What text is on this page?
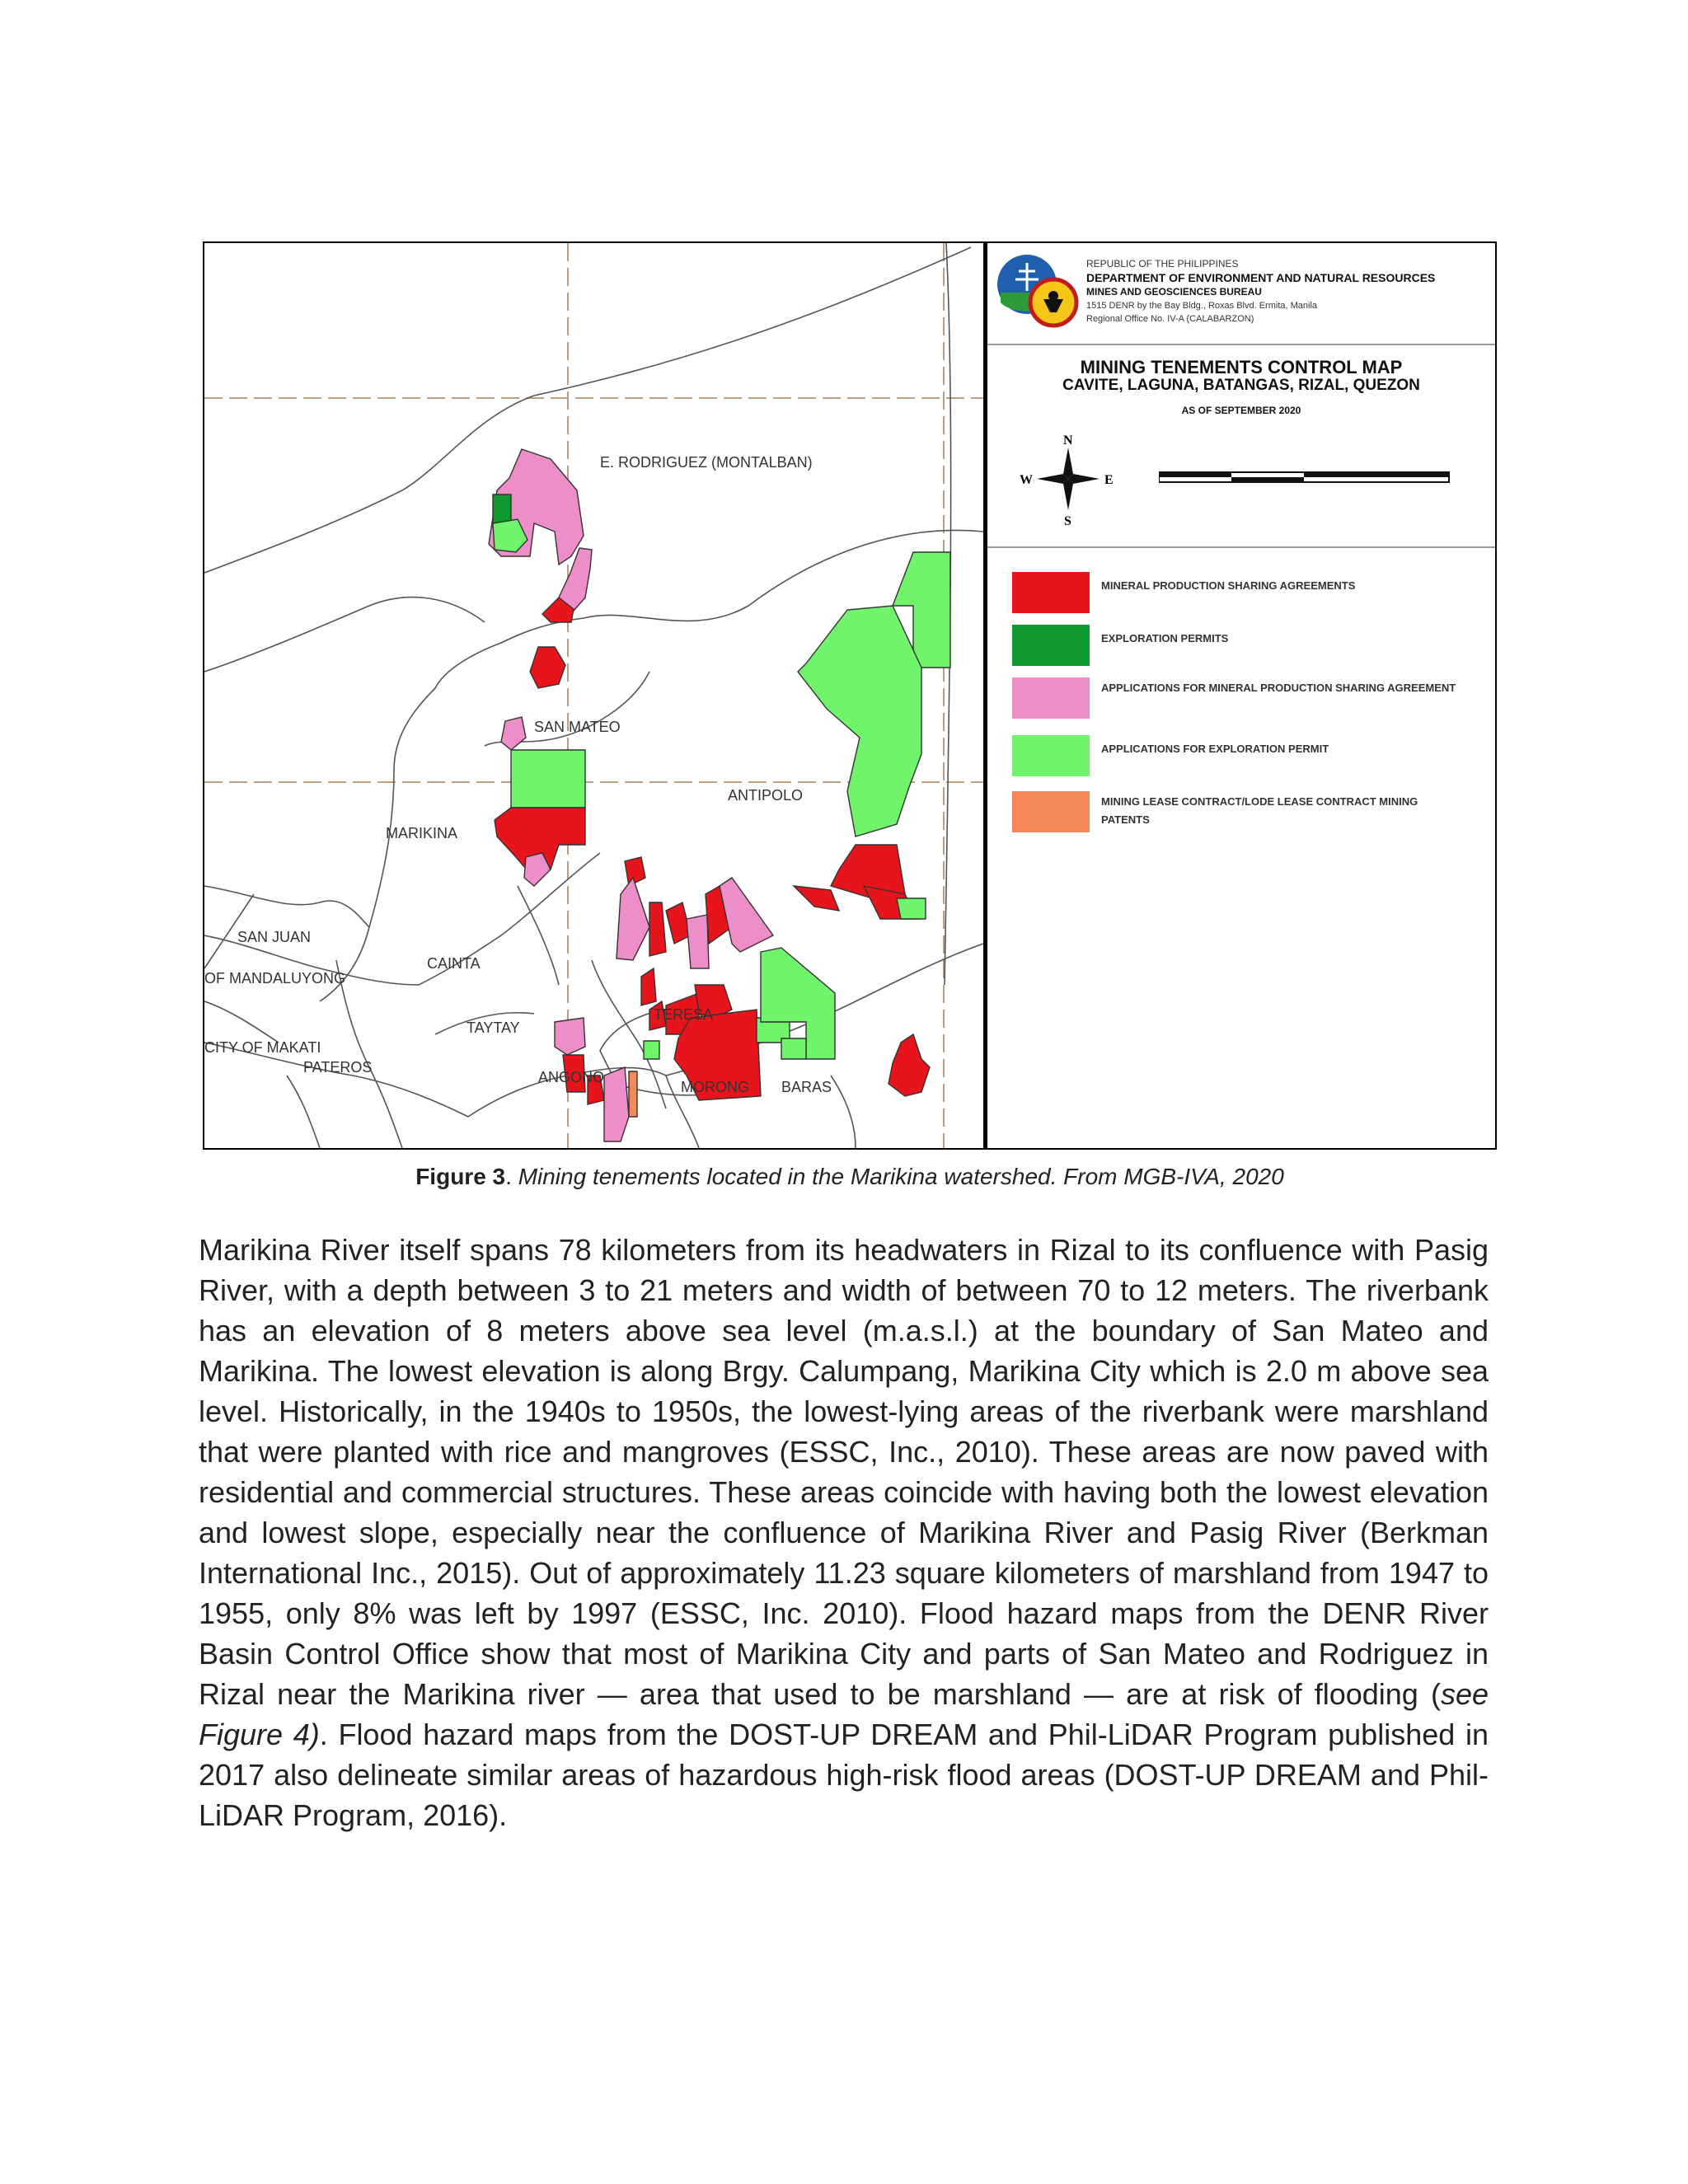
E. RODRIGUEZ (MONTALBAN)
SAN MATEO
ANTIPOLO
MARIKINA
SAN JUAN
OF MANDALUYONG
CAINTA
TAYTAY
CITY OF MAKATI
PATEROS
TERESA
ANGONO
MORONG BARAS
REPUBLIC OF THE PHILIPPINES
DEPARTMENT OF ENVIRONMENT AND NATURAL RESOURCES
MINES AND GEOSCIENCES BUREAU
1515 DENR by the Bay Bldg., Roxas Blvd. Ermita, Manila
Regional Office No. IV-A (CALABARZON)
MINING TENEMENTS CONTROL MAP
CAVITE, LAGUNA, BATANGAS, RIZAL, QUEZON
AS OF SEPTEMBER 2020
N
S
W	E
MINERAL PRODUCTION SHARING AGREEMENTS
EXPLORATION PERMITS
APPLICATIONS FOR MINERAL PRODUCTION SHARING AGREEMENT
APPLICATIONS FOR EXPLORATION PERMIT
MINING LEASE CONTRACT/LODE LEASE CONTRACT MINING PATENTS
Figure 3. Mining tenements located in the Marikina watershed. From MGB-IVA, 2020

Marikina River itself spans 78 kilometers from its headwaters in Rizal to its confluence with Pasig River, with a depth between 3 to 21 meters and width of between 70 to 12 meters. The riverbank has an elevation of 8 meters above sea level (m.a.s.l.) at the boundary of San Mateo and Marikina. The lowest elevation is along Brgy. Calumpang, Marikina City which is 2.0 m above sea level. Historically, in the 1940s to 1950s, the lowest-lying areas of the riverbank were marshland that were planted with rice and mangroves (ESSC, Inc., 2010). These areas are now paved with residential and commercial structures. These areas coincide with having both the lowest elevation and lowest slope, especially near the confluence of Marikina River and Pasig River (Berkman International Inc., 2015). Out of approximately 11.23 square kilometers of marshland from 1947 to 1955, only 8% was left by 1997 (ESSC, Inc. 2010). Flood hazard maps from the DENR River Basin Control Office show that most of Marikina City and parts of San Mateo and Rodriguez in Rizal near the Marikina river — area that used to be marshland — are at risk of flooding (see Figure 4). Flood hazard maps from the DOST-UP DREAM and Phil-LiDAR Program published in 2017 also delineate similar areas of hazardous high-risk flood areas (DOST-UP DREAM and Phil-LiDAR Program, 2016).
